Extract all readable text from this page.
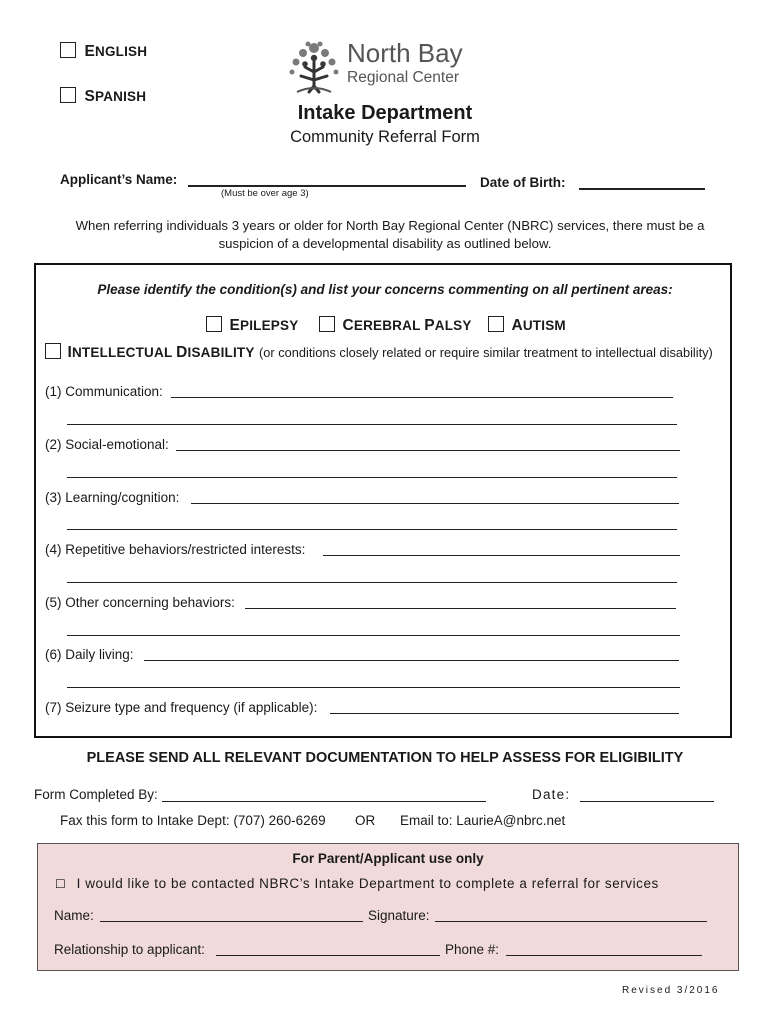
ENGLISH
SPANISH
North Bay
Regional Center
Intake Department
Community Referral Form
Applicant’s Name:
(Must be over age 3)
Date of Birth:
When referring individuals 3 years or older for North Bay Regional Center (NBRC) services, there must be a
suspicion of a developmental disability as outlined below.
Please identify the condition(s) and list your concerns commenting on all pertinent areas:
EPILEPSY	CEREBRAL PALSY	AUTISM
INTELLECTUAL DISABILITY (or conditions closely related or require similar treatment to intellectual disability)
(1) Communication:
(2) Social-emotional:
(3) Learning/cognition:
(4) Repetitive behaviors/restricted interests:
(5) Other concerning behaviors:
(6) Daily living:
(7) Seizure type and frequency (if applicable):
PLEASE SEND ALL RELEVANT DOCUMENTATION TO HELP ASSESS FOR ELIGIBILITY
Form Completed By:	Date:
Fax this form to Intake Dept: (707) 260-6269 OR Email to: LaurieA@nbrc.net
For Parent/Applicant use only
☐ I would like to be contacted NBRC’s Intake Department to complete a referral for services
Name:	Signature:
Relationship to applicant:	Phone #:
Revised 3/2016
